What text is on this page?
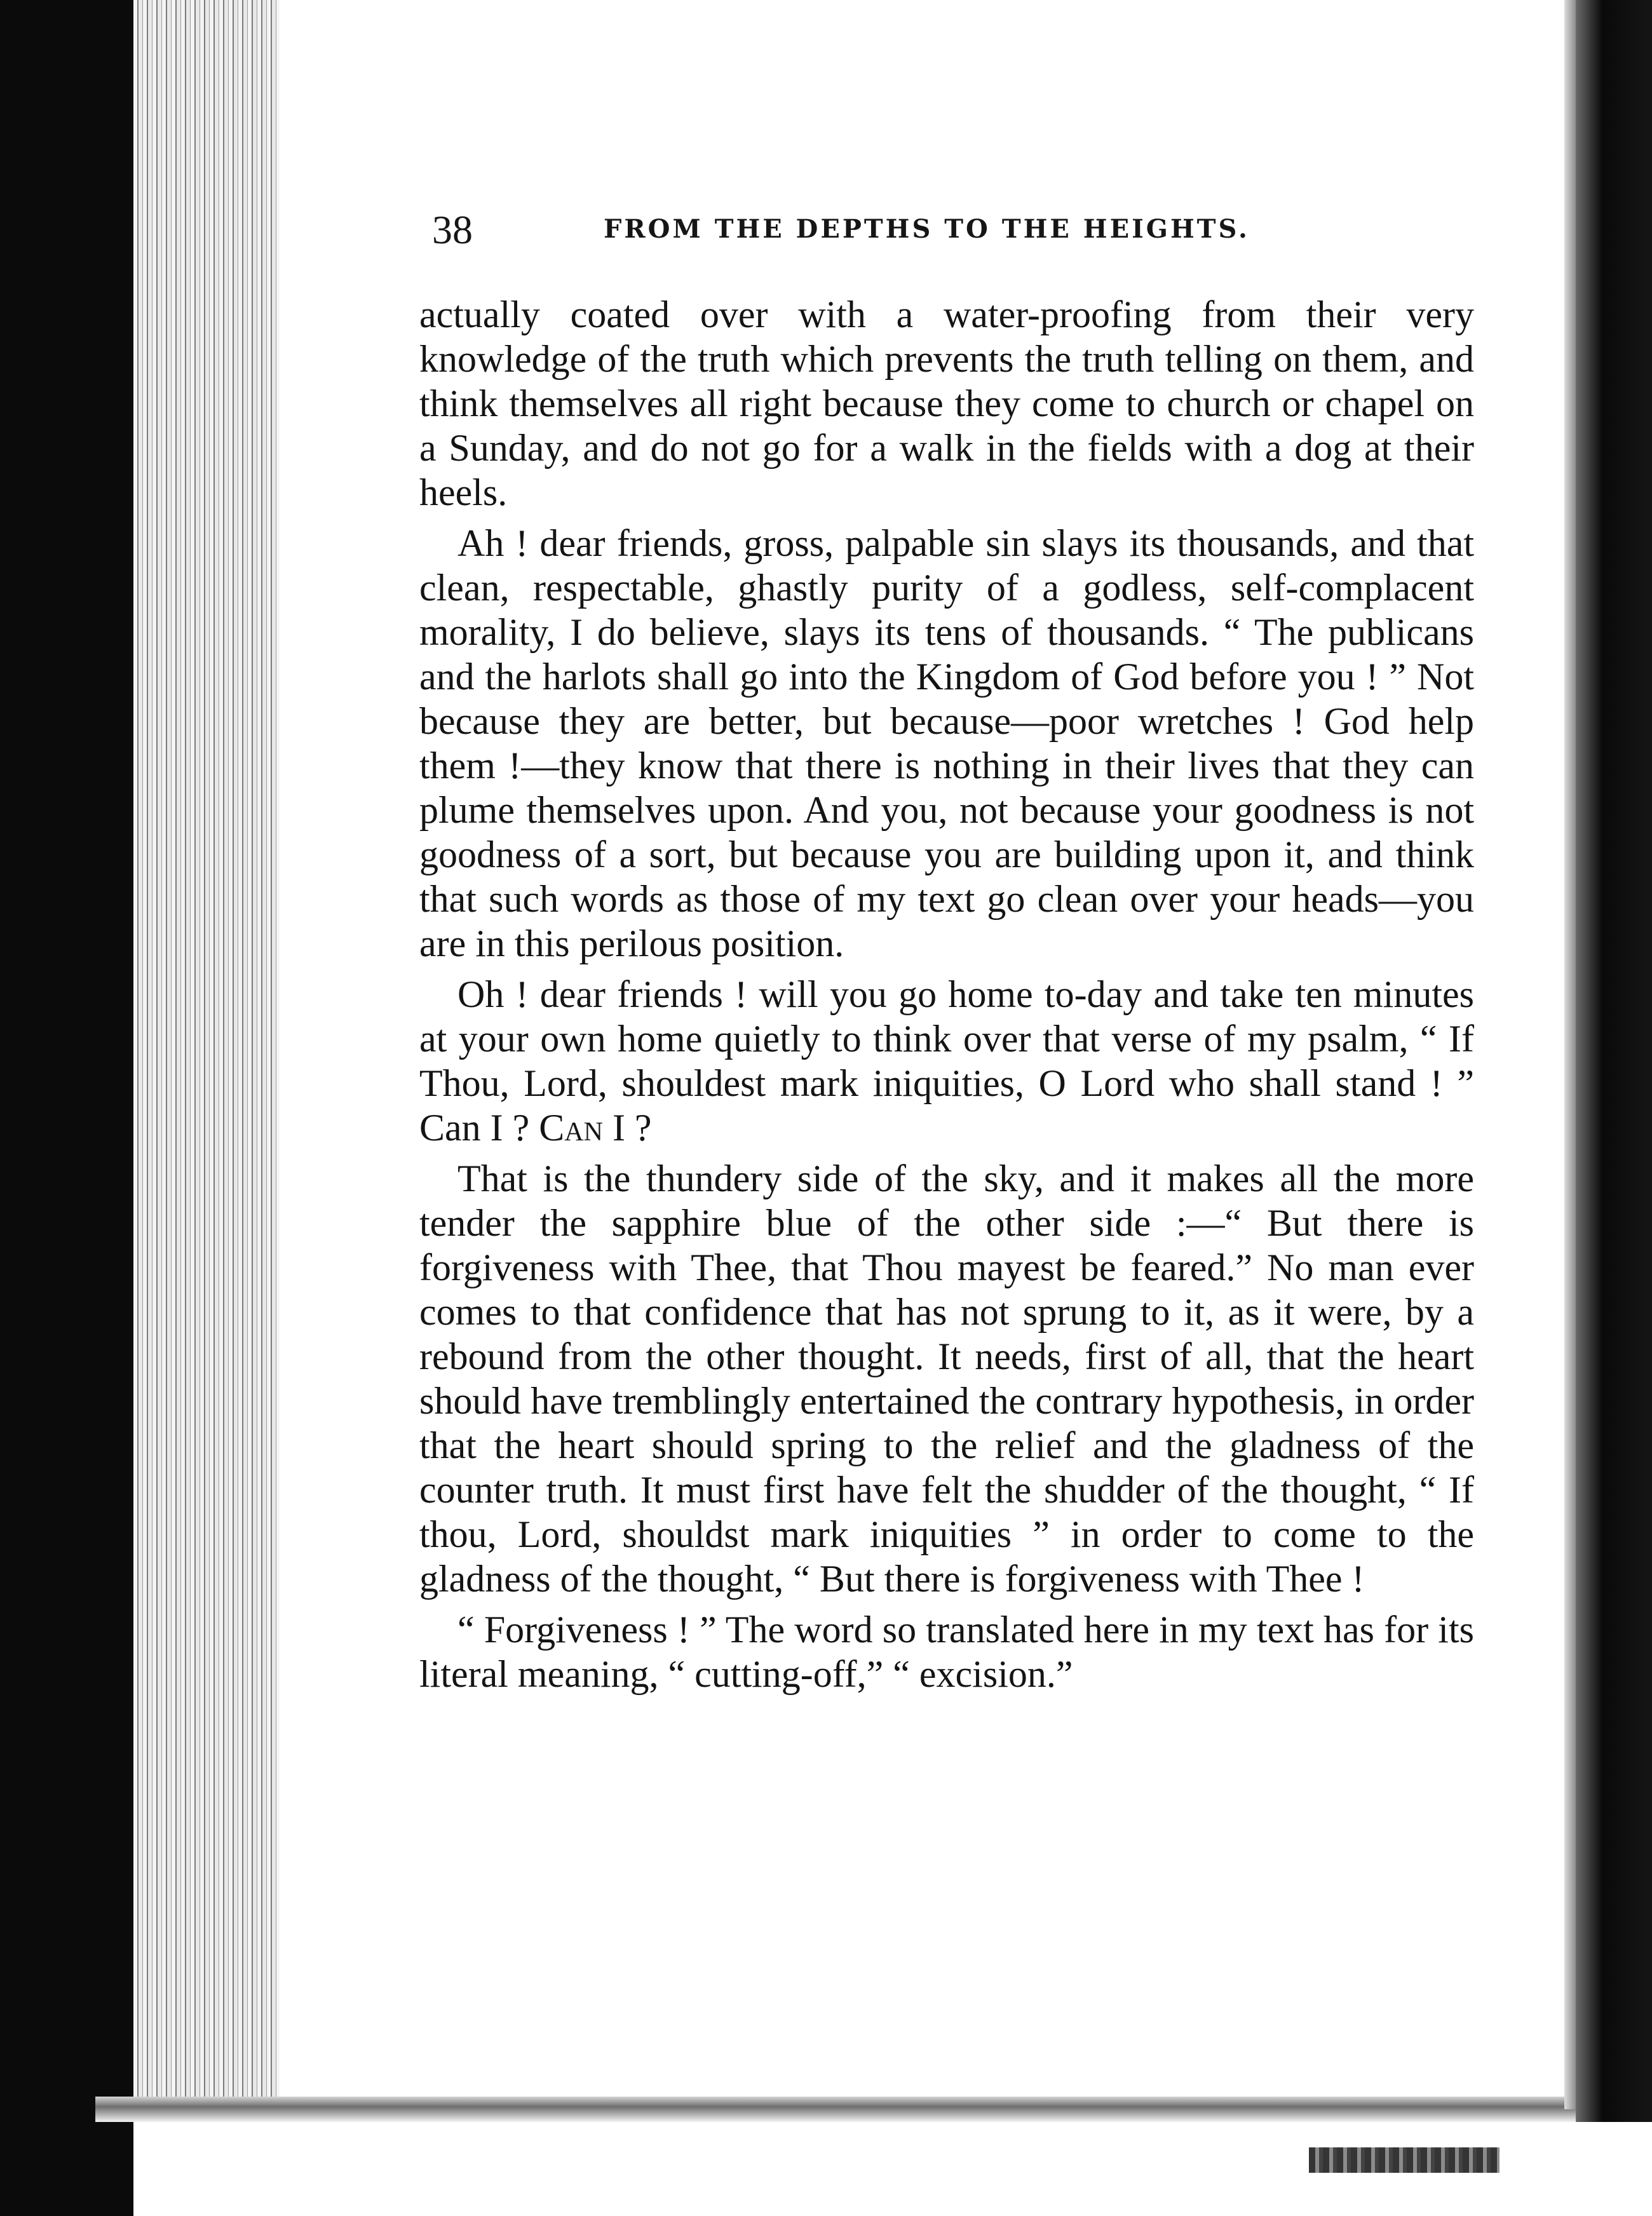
38	FROM THE DEPTHS TO THE HEIGHTS.

actually coated over with a water-proofing from their very knowledge of the truth which prevents the truth telling on them, and think themselves all right because they come to church or chapel on a Sunday, and do not go for a walk in the fields with a dog at their heels.

Ah ! dear friends, gross, palpable sin slays its thousands, and that clean, respectable, ghastly purity of a godless, self-complacent morality, I do believe, slays its tens of thousands. “ The publicans and the harlots shall go into the Kingdom of God before you ! ” Not because they are better, but because—poor wretches ! God help them !—they know that there is nothing in their lives that they can plume themselves upon. And you, not because your goodness is not goodness of a sort, but because you are building upon it, and think that such words as those of my text go clean over your heads—you are in this perilous position.

Oh ! dear friends ! will you go home to-day and take ten minutes at your own home quietly to think over that verse of my psalm, “ If Thou, Lord, shouldest mark iniquities, O Lord who shall stand ! ” Can I ? Can I ?

That is the thundery side of the sky, and it makes all the more tender the sapphire blue of the other side :—“ But there is forgiveness with Thee, that Thou mayest be feared.” No man ever comes to that confidence that has not sprung to it, as it were, by a rebound from the other thought. It needs, first of all, that the heart should have tremblingly entertained the contrary hypothesis, in order that the heart should spring to the relief and the gladness of the counter truth. It must first have felt the shudder of the thought, “ If thou, Lord, shouldst mark iniquities ” in order to come to the gladness of the thought, “ But there is forgiveness with Thee !

“ Forgiveness ! ” The word so translated here in my text has for its literal meaning, “ cutting-off,” “ excision.”
